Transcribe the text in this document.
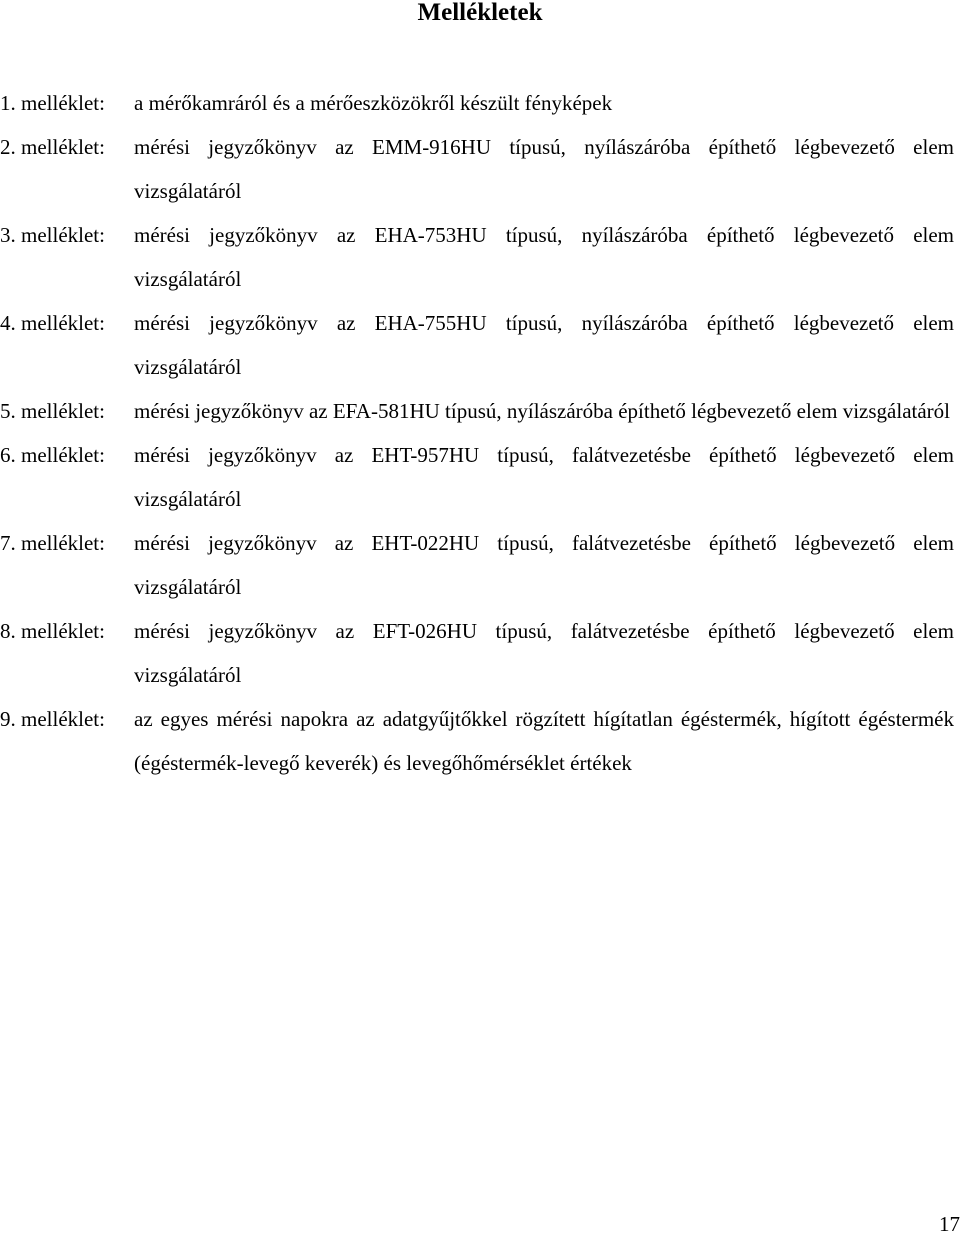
Mellékletek
1. melléklet:	a mérőkamráról és a mérőeszközökről készült fényképek
2. melléklet:	mérési jegyzőkönyv az EMM-916HU típusú, nyílászáróba építhető légbevezető elem vizsgálatáról
3. melléklet:	mérési jegyzőkönyv az EHA-753HU típusú, nyílászáróba építhető légbevezető elem vizsgálatáról
4. melléklet:	mérési jegyzőkönyv az EHA-755HU típusú, nyílászáróba építhető légbevezető elem vizsgálatáról
5. melléklet:	mérési jegyzőkönyv az EFA-581HU típusú, nyílászáróba építhető légbevezető elem vizsgálatáról
6. melléklet:	mérési jegyzőkönyv az EHT-957HU típusú, falátvezetésbe építhető légbevezető elem vizsgálatáról
7. melléklet:	mérési jegyzőkönyv az EHT-022HU típusú, falátvezetésbe építhető légbevezető elem vizsgálatáról
8. melléklet:	mérési jegyzőkönyv az EFT-026HU típusú, falátvezetésbe építhető légbevezető elem vizsgálatáról
9. melléklet:	az egyes mérési napokra az adatgyűjtőkkel rögzített hígítatlan égéstermék, hígított égéstermék (égéstermék-levegő keverék) és levegőhőmérséklet értékek
17
